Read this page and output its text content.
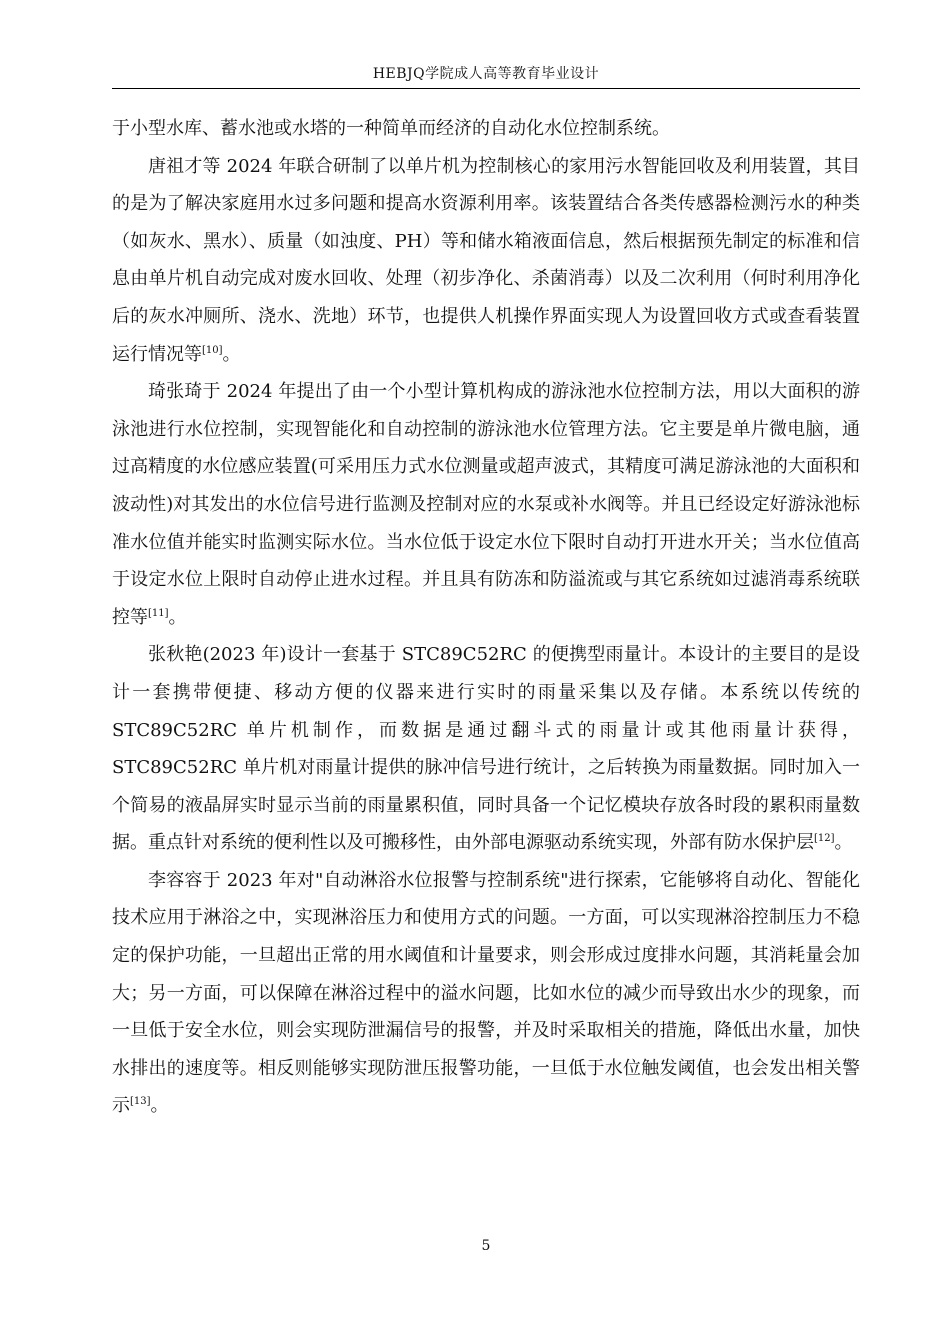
HEBJQ学院成人高等教育毕业设计

于小型水库、蓄水池或水塔的一种简单而经济的自动化水位控制系统。

唐祖才等 2024 年联合研制了以单片机为控制核心的家用污水智能回收及利用装置，其目的是为了解决家庭用水过多问题和提高水资源利用率。该装置结合各类传感器检测污水的种类（如灰水、黑水）、质量（如浊度、PH）等和储水箱液面信息，然后根据预先制定的标准和信息由单片机自动完成对废水回收、处理（初步净化、杀菌消毒）以及二次利用（何时利用净化后的灰水冲厕所、浇水、洗地）环节，也提供人机操作界面实现人为设置回收方式或查看装置运行情况等[10]。

琦张琦于 2024 年提出了由一个小型计算机构成的游泳池水位控制方法，用以大面积的游泳池进行水位控制，实现智能化和自动控制的游泳池水位管理方法。它主要是单片微电脑，通过高精度的水位感应装置(可采用压力式水位测量或超声波式，其精度可满足游泳池的大面积和波动性)对其发出的水位信号进行监测及控制对应的水泵或补水阀等。并且已经设定好游泳池标准水位值并能实时监测实际水位。当水位低于设定水位下限时自动打开进水开关；当水位值高于设定水位上限时自动停止进水过程。并且具有防冻和防溢流或与其它系统如过滤消毒系统联控等[11]。

张秋艳(2023 年)设计一套基于 STC89C52RC 的便携型雨量计。本设计的主要目的是设计一套携带便捷、移动方便的仪器来进行实时的雨量采集以及存储。本系统以传统的 STC89C52RC 单片机制作，而数据是通过翻斗式的雨量计或其他雨量计获得，STC89C52RC 单片机对雨量计提供的脉冲信号进行统计，之后转换为雨量数据。同时加入一个简易的液晶屏实时显示当前的雨量累积值，同时具备一个记忆模块存放各时段的累积雨量数据。重点针对系统的便利性以及可搬移性，由外部电源驱动系统实现，外部有防水保护层[12]。

李容容于 2023 年对"自动淋浴水位报警与控制系统"进行探索，它能够将自动化、智能化技术应用于淋浴之中，实现淋浴压力和使用方式的问题。一方面，可以实现淋浴控制压力不稳定的保护功能，一旦超出正常的用水阈值和计量要求，则会形成过度排水问题，其消耗量会加大；另一方面，可以保障在淋浴过程中的溢水问题，比如水位的减少而导致出水少的现象，而一旦低于安全水位，则会实现防泄漏信号的报警，并及时采取相关的措施，降低出水量，加快水排出的速度等。相反则能够实现防泄压报警功能，一旦低于水位触发阈值，也会发出相关警示[13]。

5
